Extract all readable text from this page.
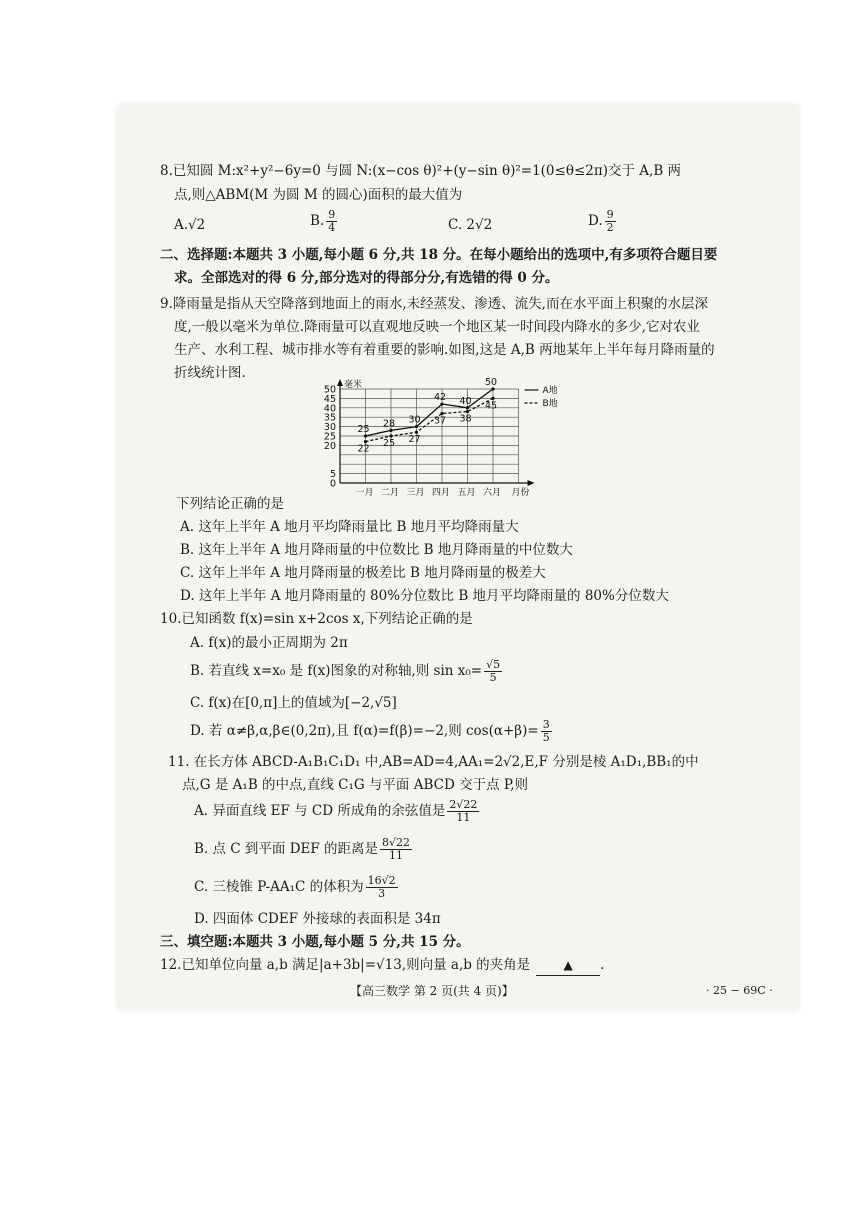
8.已知圆 M:x²+y²−6y=0 与圆 N:(x−cos θ)²+(y−sin θ)²=1(0≤θ≤2π)交于 A,B 两
点,则△ABM(M 为圆 M 的圆心)面积的最大值为
A.√2	B. $\frac{9}{4}$	C. 2√2	D. $\frac{9}{2}$
二、选择题:本题共 3 小题,每小题 6 分,共 18 分。在每小题给出的选项中,有多项符合题目要
求。全部选对的得 6 分,部分选对的得部分分,有选错的得 0 分。
9.降雨量是指从天空降落到地面上的雨水,未经蒸发、渗透、流失,而在水平面上积聚的水层深
度,一般以毫米为单位.降雨量可以直观地反映一个地区某一时间段内降水的多少,它对农业
生产、水利工程、城市排水等有着重要的影响.如图,这是 A,B 两地某年上半年每月降雨量的
折线统计图.
0
5
20
25
30
35
40
45
50 毫米
一月 二月 三月 四月 五月 六月 月份
25
28 30
42 40
50
22
25 27
37 38
45
A地
B地
下列结论正确的是
A. 这年上半年 A 地月平均降雨量比 B 地月平均降雨量大
B. 这年上半年 A 地月降雨量的中位数比 B 地月降雨量的中位数大
C. 这年上半年 A 地月降雨量的极差比 B 地月降雨量的极差大
D. 这年上半年 A 地月降雨量的 80%分位数比 B 地月平均降雨量的 80%分位数大
10.已知函数 f(x)=sin x+2cos x,下列结论正确的是
A. f(x)的最小正周期为 2π
B. 若直线 x=x₀ 是 f(x)图象的对称轴,则 $\sin x_0= \frac{√5}{5}$
C. f(x)在[0,π]上的值域为[−2,√5]
D. 若 α≠β,α,β∈(0,2π),且 f(α)=f(β)=−2,则 $\cos(\alpha+\beta)= \frac{3}{5}$
11. 在长方体 ABCD-A₁B₁C₁D₁ 中,AB=AD=4,AA₁=2√2,E,F 分别是棱 A₁D₁,BB₁的中
点,G 是 A₁B 的中点,直线 C₁G 与平面 ABCD 交于点 P,则
A. 异面直线 EF 与 CD 所成角的余弦值是 $\frac{2√22}{11}$
B. 点 C 到平面 DEF 的距离是 $\frac{8√22}{11}$
C. 三棱锥 P-AA₁C 的体积为 $\frac{16√2}{3}$
D. 四面体 CDEF 外接球的表面积是 34π
三、填空题:本题共 3 小题,每小题 5 分,共 15 分。
12.已知单位向量 a,b 满足|a+3b|=√13,则向量 a,b 的夹角是	▲ .
【高三数学 第 2 页(共 4 页)】	· 25 − 69C ·
